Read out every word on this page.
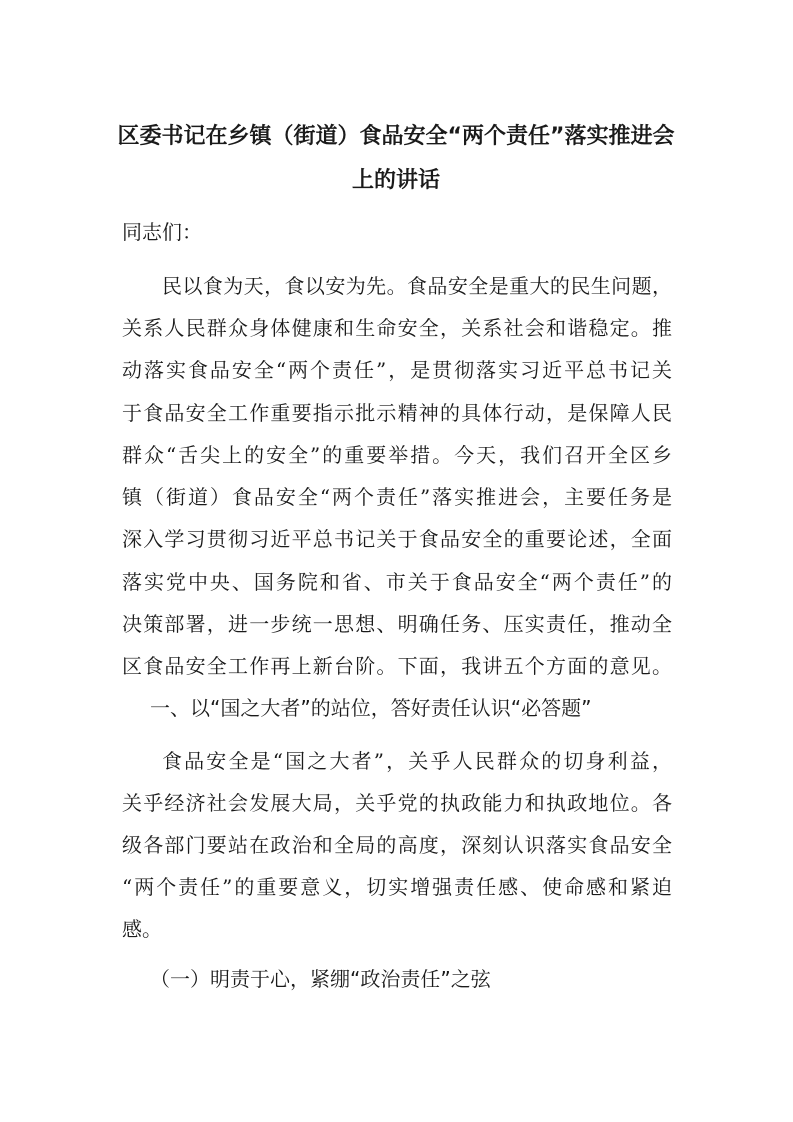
区委书记在乡镇（街道）食品安全“两个责任”落实推进会
上的讲话
同志们：
民以食为天，食以安为先。食品安全是重大的民生问题，
关系人民群众身体健康和生命安全，关系社会和谐稳定。推
动落实食品安全“两个责任”，是贯彻落实习近平总书记关
于食品安全工作重要指示批示精神的具体行动，是保障人民
群众“舌尖上的安全”的重要举措。今天，我们召开全区乡
镇（街道）食品安全“两个责任”落实推进会，主要任务是
深入学习贯彻习近平总书记关于食品安全的重要论述，全面
落实党中央、国务院和省、市关于食品安全“两个责任”的
决策部署，进一步统一思想、明确任务、压实责任，推动全
区食品安全工作再上新台阶。下面，我讲五个方面的意见。
一、以“国之大者”的站位，答好责任认识“必答题”
食品安全是“国之大者”，关乎人民群众的切身利益，
关乎经济社会发展大局，关乎党的执政能力和执政地位。各
级各部门要站在政治和全局的高度，深刻认识落实食品安全
“两个责任”的重要意义，切实增强责任感、使命感和紧迫
感。
（一）明责于心，紧绷“政治责任”之弦
